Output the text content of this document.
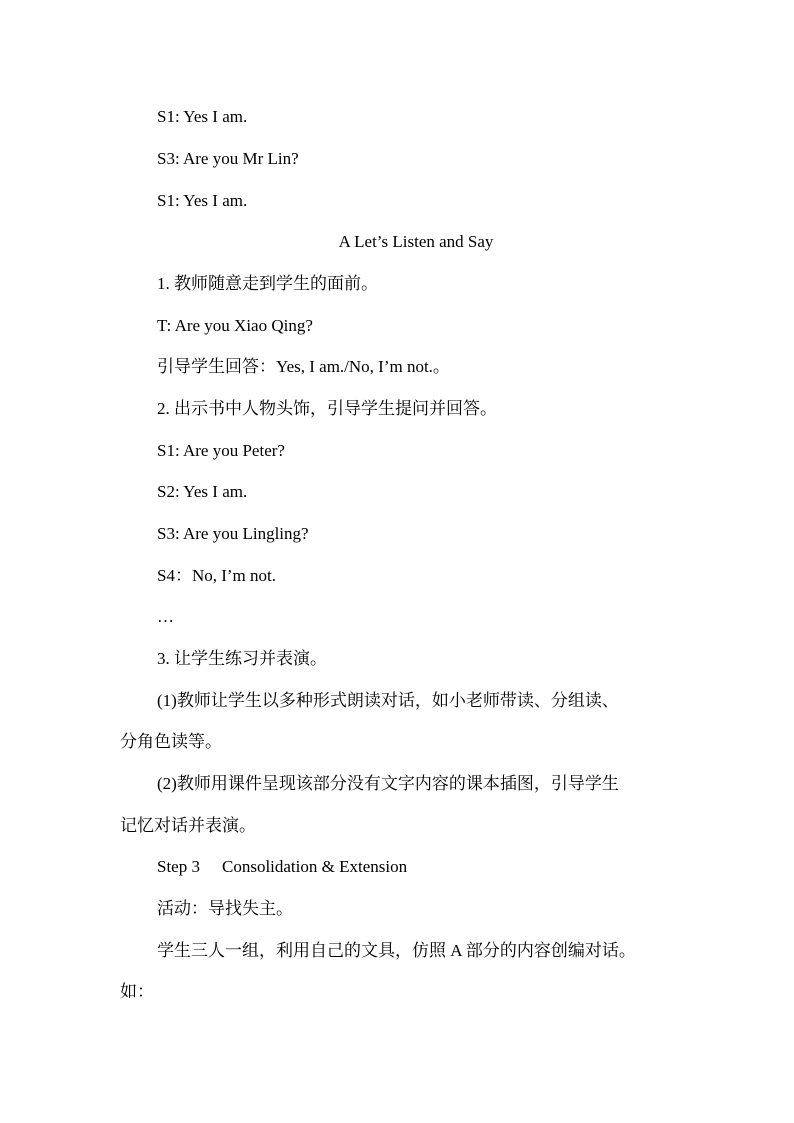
S1: Yes I am.
S3: Are you Mr Lin?
S1: Yes I am.
A Let’s Listen and Say
1. 教师随意走到学生的面前。
T: Are you Xiao Qing?
引导学生回答：Yes, I am./No, I’m not.。
2. 出示书中人物头饰，引导学生提问并回答。
S1: Are you Peter?
S2: Yes I am.
S3: Are you Lingling?
S4：No, I’m not.
…
3. 让学生练习并表演。
(1)教师让学生以多种形式朗读对话，如小老师带读、分组读、
分角色读等。
(2)教师用课件呈现该部分没有文字内容的课本插图，引导学生
记忆对话并表演。
Step 3 Consolidation & Extension
活动：导找失主。
学生三人一组，利用自己的文具，仿照 A 部分的内容创编对话。
如：
